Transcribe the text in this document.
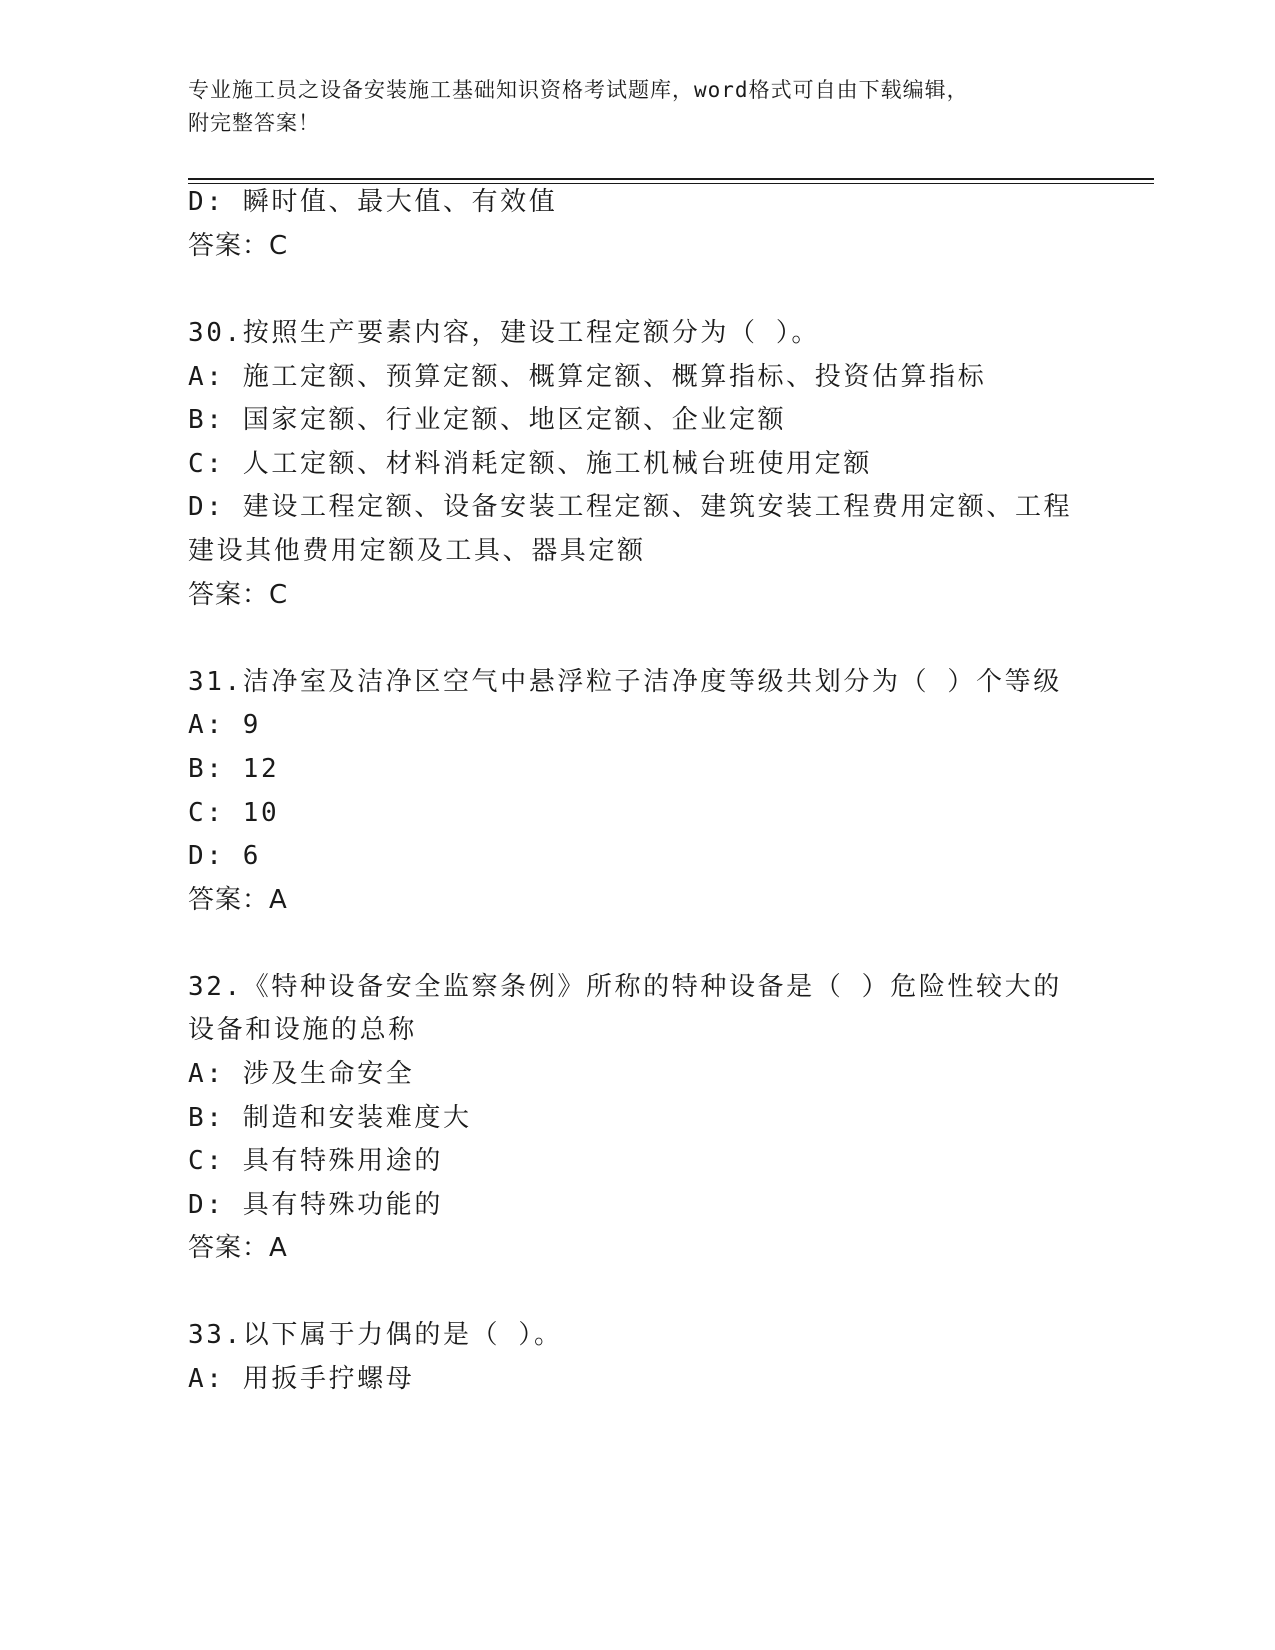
专业施工员之设备安装施工基础知识资格考试题库，word格式可自由下载编辑，
附完整答案！
D: 瞬时值、最大值、有效值
答案：C
30.按照生产要素内容，建设工程定额分为（ ）。
A: 施工定额、预算定额、概算定额、概算指标、投资估算指标
B: 国家定额、行业定额、地区定额、企业定额
C: 人工定额、材料消耗定额、施工机械台班使用定额
D: 建设工程定额、设备安装工程定额、建筑安装工程费用定额、工程
建设其他费用定额及工具、器具定额
答案：C
31.洁净室及洁净区空气中悬浮粒子洁净度等级共划分为（ ）个等级
A: 9
B: 12
C: 10
D: 6
答案：A
32.《特种设备安全监察条例》所称的特种设备是（ ）危险性较大的
设备和设施的总称
A: 涉及生命安全
B: 制造和安装难度大
C: 具有特殊用途的
D: 具有特殊功能的
答案：A
33.以下属于力偶的是（ ）。
A: 用扳手拧螺母
